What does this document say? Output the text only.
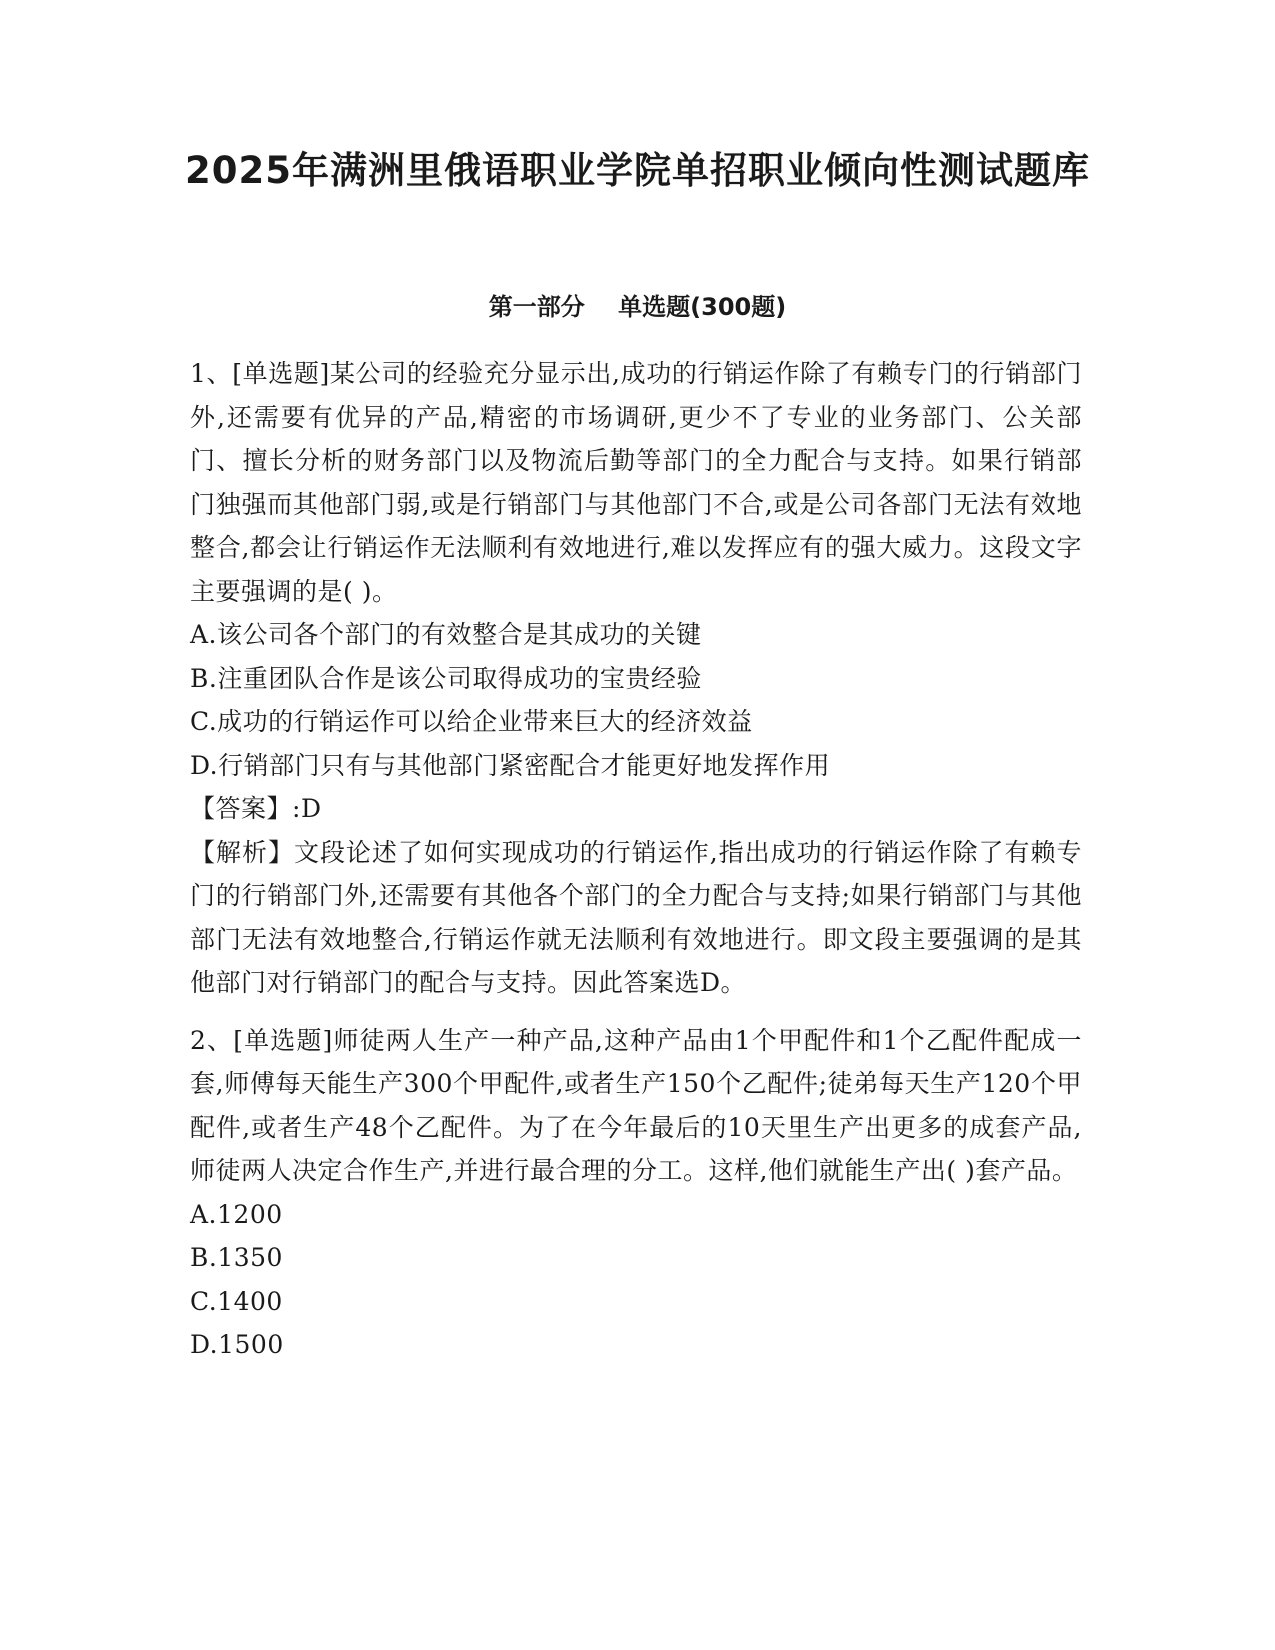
2025年满洲里俄语职业学院单招职业倾向性测试题库
第一部分    单选题(300题)

1、[单选题]某公司的经验充分显示出,成功的行销运作除了有赖专门的行销部门外,还需要有优异的产品,精密的市场调研,更少不了专业的业务部门、公关部门、擅长分析的财务部门以及物流后勤等部门的全力配合与支持。如果行销部门独强而其他部门弱,或是行销部门与其他部门不合,或是公司各部门无法有效地整合,都会让行销运作无法顺利有效地进行,难以发挥应有的强大威力。这段文字主要强调的是( )。

A.该公司各个部门的有效整合是其成功的关键

B.注重团队合作是该公司取得成功的宝贵经验

C.成功的行销运作可以给企业带来巨大的经济效益

D.行销部门只有与其他部门紧密配合才能更好地发挥作用

【答案】:D

【解析】文段论述了如何实现成功的行销运作,指出成功的行销运作除了有赖专门的行销部门外,还需要有其他各个部门的全力配合与支持;如果行销部门与其他部门无法有效地整合,行销运作就无法顺利有效地进行。即文段主要强调的是其他部门对行销部门的配合与支持。因此答案选D。

2、[单选题]师徒两人生产一种产品,这种产品由1个甲配件和1个乙配件配成一套,师傅每天能生产300个甲配件,或者生产150个乙配件;徒弟每天生产120个甲配件,或者生产48个乙配件。为了在今年最后的10天里生产出更多的成套产品,师徒两人决定合作生产,并进行最合理的分工。这样,他们就能生产出( )套产品。

A.1200

B.1350

C.1400

D.1500
